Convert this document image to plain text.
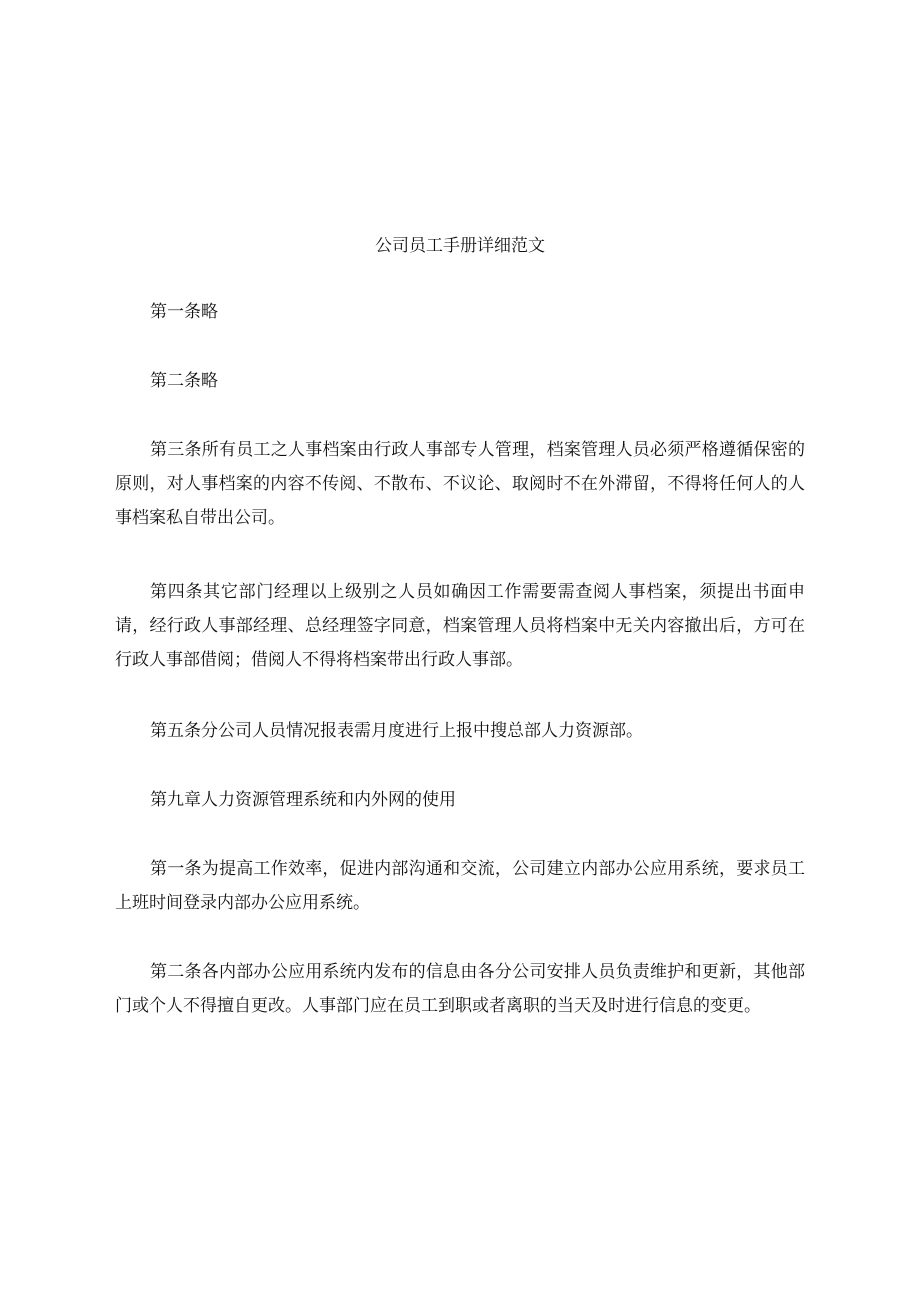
公司员工手册详细范文

第一条略

第二条略

第三条所有员工之人事档案由行政人事部专人管理，档案管理人员必须严格遵循保密的原则，对人事档案的内容不传阅、不散布、不议论、取阅时不在外滞留，不得将任何人的人事档案私自带出公司。

第四条其它部门经理以上级别之人员如确因工作需要需查阅人事档案，须提出书面申请，经行政人事部经理、总经理签字同意，档案管理人员将档案中无关内容撤出后，方可在行政人事部借阅；借阅人不得将档案带出行政人事部。

第五条分公司人员情况报表需月度进行上报中搜总部人力资源部。

第九章人力资源管理系统和内外网的使用

第一条为提高工作效率，促进内部沟通和交流，公司建立内部办公应用系统，要求员工上班时间登录内部办公应用系统。

第二条各内部办公应用系统内发布的信息由各分公司安排人员负责维护和更新，其他部门或个人不得擅自更改。人事部门应在员工到职或者离职的当天及时进行信息的变更。
